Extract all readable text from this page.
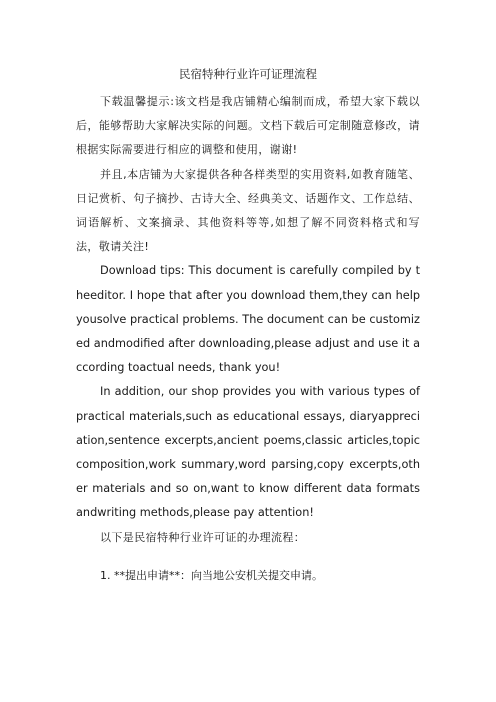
民宿特种行业许可证理流程

下载温馨提示:该文档是我店铺精心编制而成，希望大家下载以后，能够帮助大家解决实际的问题。文档下载后可定制随意修改，请根据实际需要进行相应的调整和使用，谢谢!

并且,本店铺为大家提供各种各样类型的实用资料,如教育随笔、日记赏析、句子摘抄、古诗大全、经典美文、话题作文、工作总结、词语解析、文案摘录、其他资料等等,如想了解不同资料格式和写法，敬请关注!

Download tips: This document is carefully compiled by theeditor. I hope that after you download them,they can help yousolve practical problems. The document can be customized andmodified after downloading,please adjust and use it according toactual needs, thank you!

In addition, our shop provides you with various types ofpractical materials,such as educational essays, diaryappreciation,sentence excerpts,ancient poems,classic articles,topic composition,work summary,word parsing,copy excerpts,other materials and so on,want to know different data formats andwriting methods,please pay attention!

以下是民宿特种行业许可证的办理流程：

1. **提出申请**：向当地公安机关提交申请。
